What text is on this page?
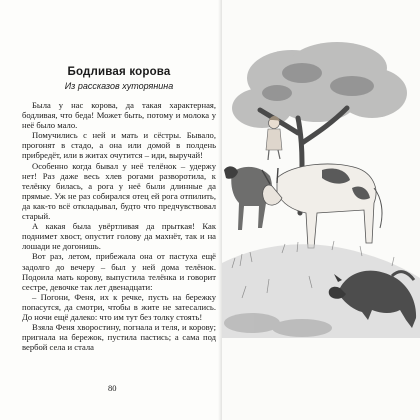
Бодливая корова
Из рассказов хуторянина

Была у нас корова, да такая характерная, бодливая, что беда! Может быть, потому и молока у неё было мало.

Помучились с ней и мать и сёстры. Бывало, прогонят в стадо, а она или домой в полдень прибредёт, или в житах очутится – иди, выручай!

Особенно когда бывал у неё телёнок – удержу нет! Раз даже весь хлев рогами разворотила, к телёнку билась, а рога у неё были длинные да прямые. Уж не раз собирался отец ей рога отпилить, да как-то всё откладывал, будто что предчувствовал старый.

А какая была увёртливая да прыткая! Как поднимет хвост, опустит голову да махнёт, так и на лошади не догонишь.

Вот раз, летом, прибежала она от пастуха ещё задолго до вечеру – был у ней дома телёнок. Подоила мать корову, выпустила телёнка и говорит сестре, девочке так лет двенадцати:

– Погони, Феня, их к речке, пусть на бережку попасутся, да смотри, чтобы в жите не затесались. До ночи ещё далеко: что им тут без толку стоять!

Взяла Феня хворостину, погнала и теля, и корову; пригнала на бережок, пустила пастись; а сама под вербой села и стала

80
